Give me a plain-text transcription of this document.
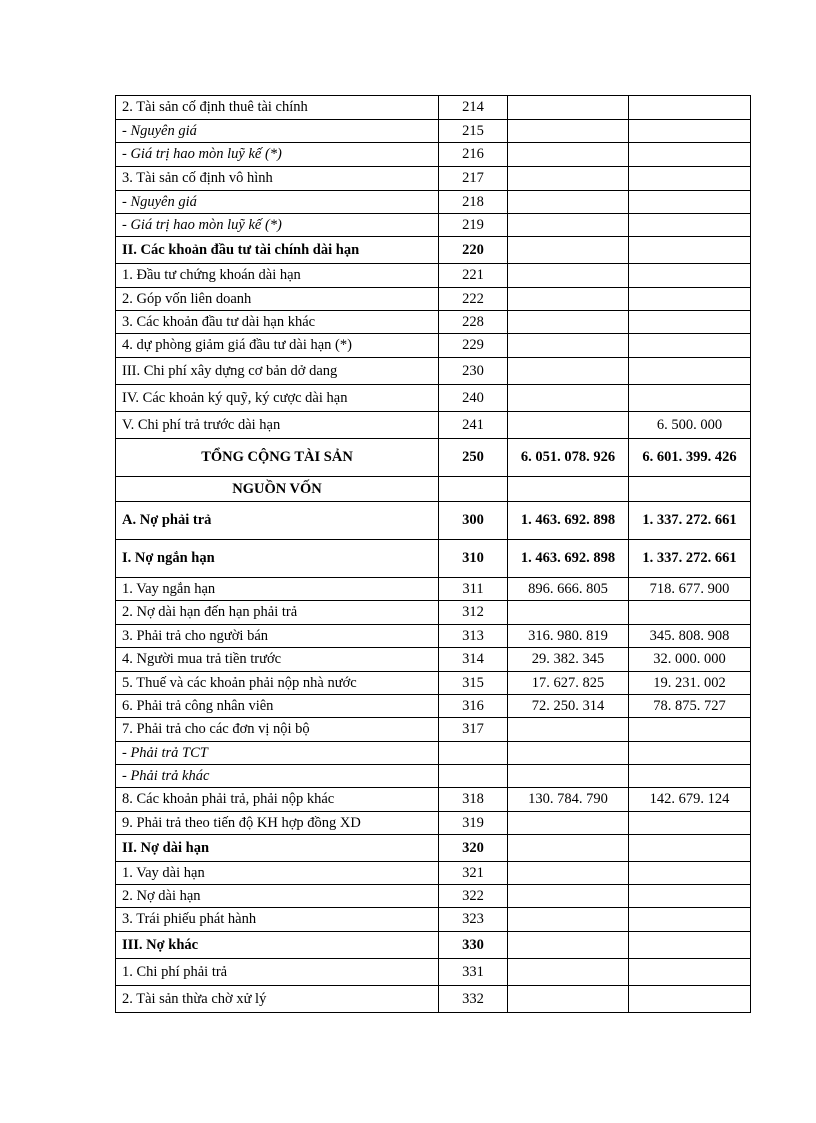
2. Tài sản cố định thuê tài chính	214		
- Nguyên giá	215		
- Giá trị hao mòn luỹ kế (*)	216		
3. Tài sản cố định vô hình	217		
- Nguyên giá	218		
- Giá trị hao mòn luỹ kế (*)	219		
II. Các khoản đầu tư tài chính dài hạn	220		
1. Đầu tư chứng khoán dài hạn	221		
2. Góp vốn liên doanh	222		
3. Các khoản đầu tư dài hạn khác	228		
4. dự phòng giảm giá đầu tư dài hạn (*)	229		
III. Chi phí xây dựng cơ bản dở dang	230		
IV. Các khoản ký quỹ, ký cược dài hạn	240		
V. Chi phí trả trước dài hạn	241		6. 500. 000
TỔNG CỘNG TÀI SẢN	250	6. 051. 078. 926	6. 601. 399. 426
NGUỒN VỐN			
A. Nợ phải trả	300	1. 463. 692. 898	1. 337. 272. 661
I. Nợ ngắn hạn	310	1. 463. 692. 898	1. 337. 272. 661
1. Vay ngắn hạn	311	896. 666. 805	718. 677. 900
2. Nợ dài hạn đến hạn phải trả	312		
3. Phải trả cho người bán	313	316. 980. 819	345. 808. 908
4. Người mua trả tiền trước	314	29. 382. 345	32. 000. 000
5. Thuế và các khoản phải nộp nhà nước	315	17. 627. 825	19. 231. 002
6. Phải trả công nhân viên	316	72. 250. 314	78. 875. 727
7. Phải trả cho các đơn vị nội bộ	317		
- Phải trả TCT			
- Phải trả khác			
8. Các khoản phải trả, phải nộp khác	318	130. 784. 790	142. 679. 124
9. Phải trả theo tiến độ KH hợp đồng XD	319		
II. Nợ dài hạn	320		
1. Vay dài hạn	321		
2. Nợ dài hạn	322		
3. Trái phiếu phát hành	323		
III. Nợ khác	330		
1. Chi phí phải trả	331		
2. Tài sản thừa chờ xử lý	332		
